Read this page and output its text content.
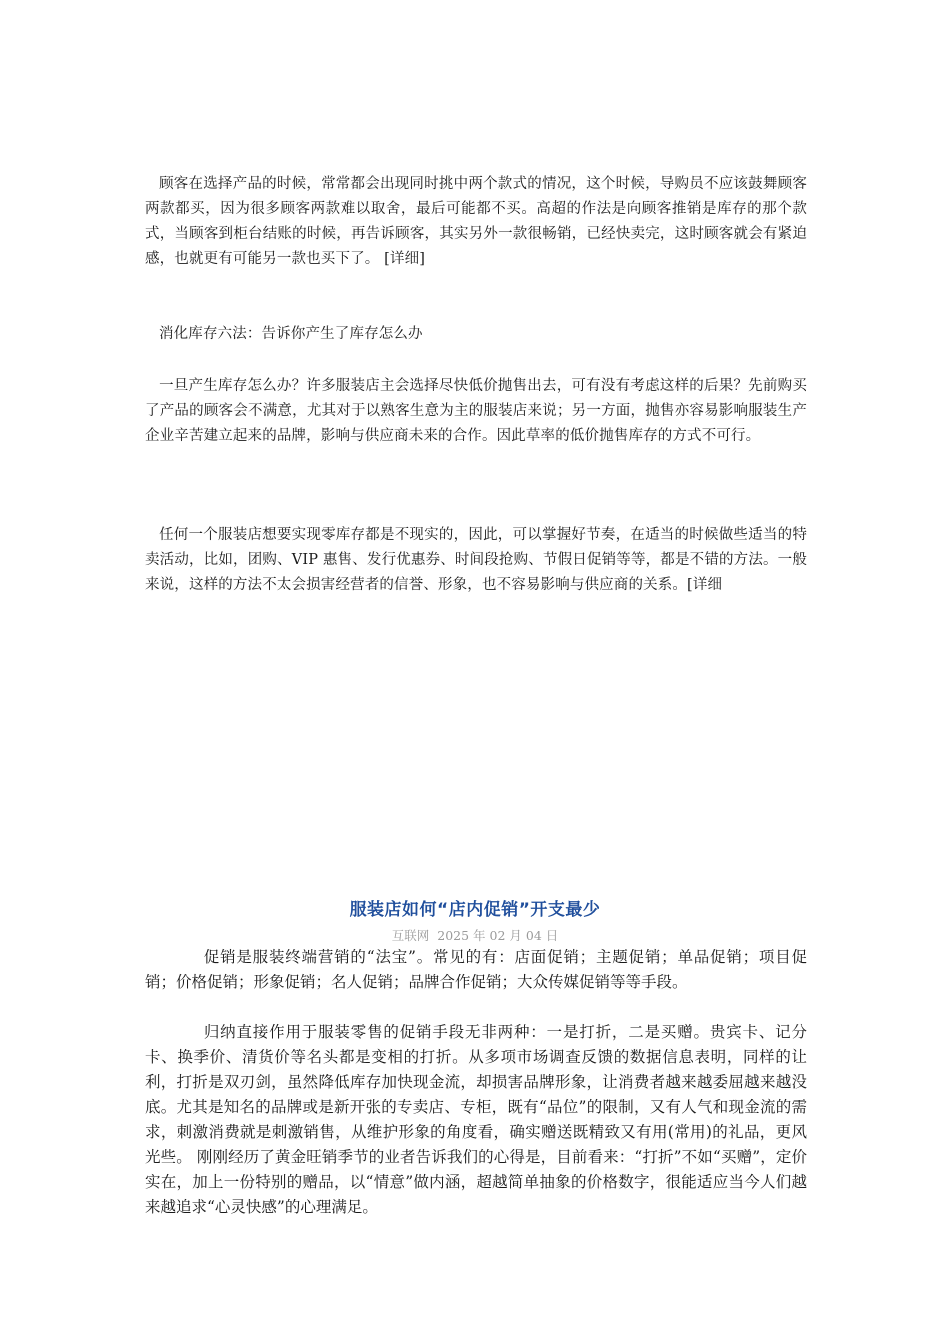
顾客在选择产品的时候，常常都会出现同时挑中两个款式的情况，这个时候，导购员不应该鼓舞顾客两款都买，因为很多顾客两款难以取舍，最后可能都不买。高超的作法是向顾客推销是库存的那个款式，当顾客到柜台结账的时候，再告诉顾客，其实另外一款很畅销，已经快卖完，这时顾客就会有紧迫感，也就更有可能另一款也买下了。 [详细]

消化库存六法：告诉你产生了库存怎么办

一旦产生库存怎么办？许多服装店主会选择尽快低价抛售出去，可有没有考虑这样的后果？先前购买了产品的顾客会不满意，尤其对于以熟客生意为主的服装店来说；另一方面，抛售亦容易影响服装生产企业辛苦建立起来的品牌，影响与供应商未来的合作。因此草率的低价抛售库存的方式不可行。

任何一个服装店想要实现零库存都是不现实的，因此，可以掌握好节奏，在适当的时候做些适当的特卖活动，比如，团购、VIP 惠售、发行优惠券、时间段抢购、节假日促销等等，都是不错的方法。一般来说，这样的方法不太会损害经营者的信誉、形象，也不容易影响与供应商的关系。[详细

服装店如何“店内促销”开支最少

互联网 2025 年 02 月 04 日

促销是服装终端营销的“法宝”。常见的有：店面促销；主题促销；单品促销；项目促销；价格促销；形象促销；名人促销；品牌合作促销；大众传媒促销等等手段。

归纳直接作用于服装零售的促销手段无非两种：一是打折，二是买赠。贵宾卡、记分卡、换季价、清货价等名头都是变相的打折。从多项市场调查反馈的数据信息表明，同样的让利，打折是双刃剑，虽然降低库存加快现金流，却损害品牌形象，让消费者越来越委屈越来越没底。尤其是知名的品牌或是新开张的专卖店、专柜，既有“品位”的限制，又有人气和现金流的需求，刺激消费就是刺激销售，从维护形象的角度看，确实赠送既精致又有用(常用)的礼品，更风光些。 刚刚经历了黄金旺销季节的业者告诉我们的心得是，目前看来：“打折”不如“买赠”，定价实在，加上一份特别的赠品，以“情意”做内涵，超越简单抽象的价格数字，很能适应当今人们越来越追求“心灵快感”的心理满足。
